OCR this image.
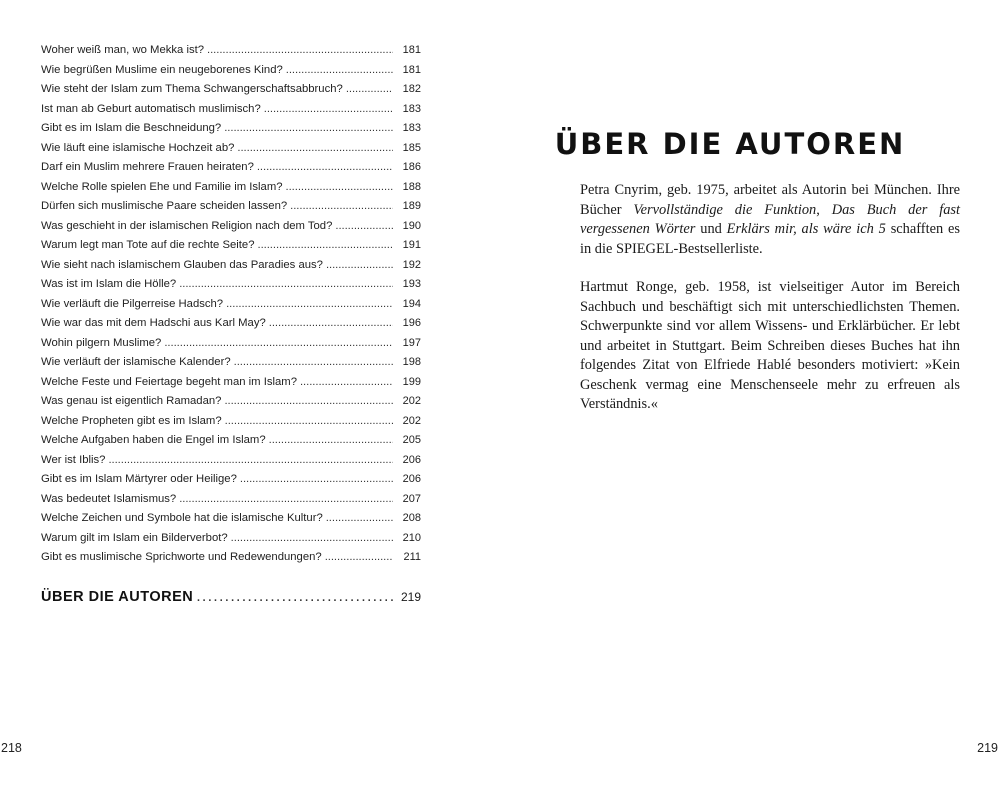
Woher weiß man, wo Mekka ist? . . .	181
Wie begrüßen Muslime ein neugeborenes Kind? . . .	181
Wie steht der Islam zum Thema Schwangerschaftsabbruch? . . .	182
Ist man ab Geburt automatisch muslimisch? . . .	183
Gibt es im Islam die Beschneidung? . . .	183
Wie läuft eine islamische Hochzeit ab? . . .	185
Darf ein Muslim mehrere Frauen heiraten? . . .	186
Welche Rolle spielen Ehe und Familie im Islam? . . .	188
Dürfen sich muslimische Paare scheiden lassen? . . .	189
Was geschieht in der islamischen Religion nach dem Tod? . . .	190
Warum legt man Tote auf die rechte Seite? . . .	191
Wie sieht nach islamischem Glauben das Paradies aus? . . .	192
Was ist im Islam die Hölle? . . .	193
Wie verläuft die Pilgerreise Hadsch? . . .	194
Wie war das mit dem Hadschi aus Karl May? . . .	196
Wohin pilgern Muslime? . . .	197
Wie verläuft der islamische Kalender? . . .	198
Welche Feste und Feiertage begeht man im Islam? . . .	199
Was genau ist eigentlich Ramadan? . . .	202
Welche Propheten gibt es im Islam? . . .	202
Welche Aufgaben haben die Engel im Islam? . . .	205
Wer ist Iblis? . . .	206
Gibt es im Islam Märtyrer oder Heilige? . . .	206
Was bedeutet Islamismus? . . .	207
Welche Zeichen und Symbole hat die islamische Kultur? . . .	208
Warum gilt im Islam ein Bilderverbot? . . .	210
Gibt es muslimische Sprichworte und Redewendungen? . . .	211
ÜBER DIE AUTOREN . . .	219
218
ÜBER DIE AUTOREN

Petra Cnyrim, geb. 1975, arbeitet als Autorin bei München. Ihre Bücher Vervollständige die Funktion, Das Buch der fast vergessenen Wörter und Erklärs mir, als wäre ich 5 schafften es in die SPIEGEL-Bestsellerliste.

Hartmut Ronge, geb. 1958, ist vielseitiger Autor im Bereich Sachbuch und beschäftigt sich mit unterschiedlichsten Themen. Schwerpunkte sind vor allem Wissens- und Erklärbücher. Er lebt und arbeitet in Stuttgart. Beim Schreiben dieses Buches hat ihn folgendes Zitat von Elfriede Hablé besonders motiviert: »Kein Geschenk vermag eine Menschenseele mehr zu erfreuen als Verständnis.«

219
